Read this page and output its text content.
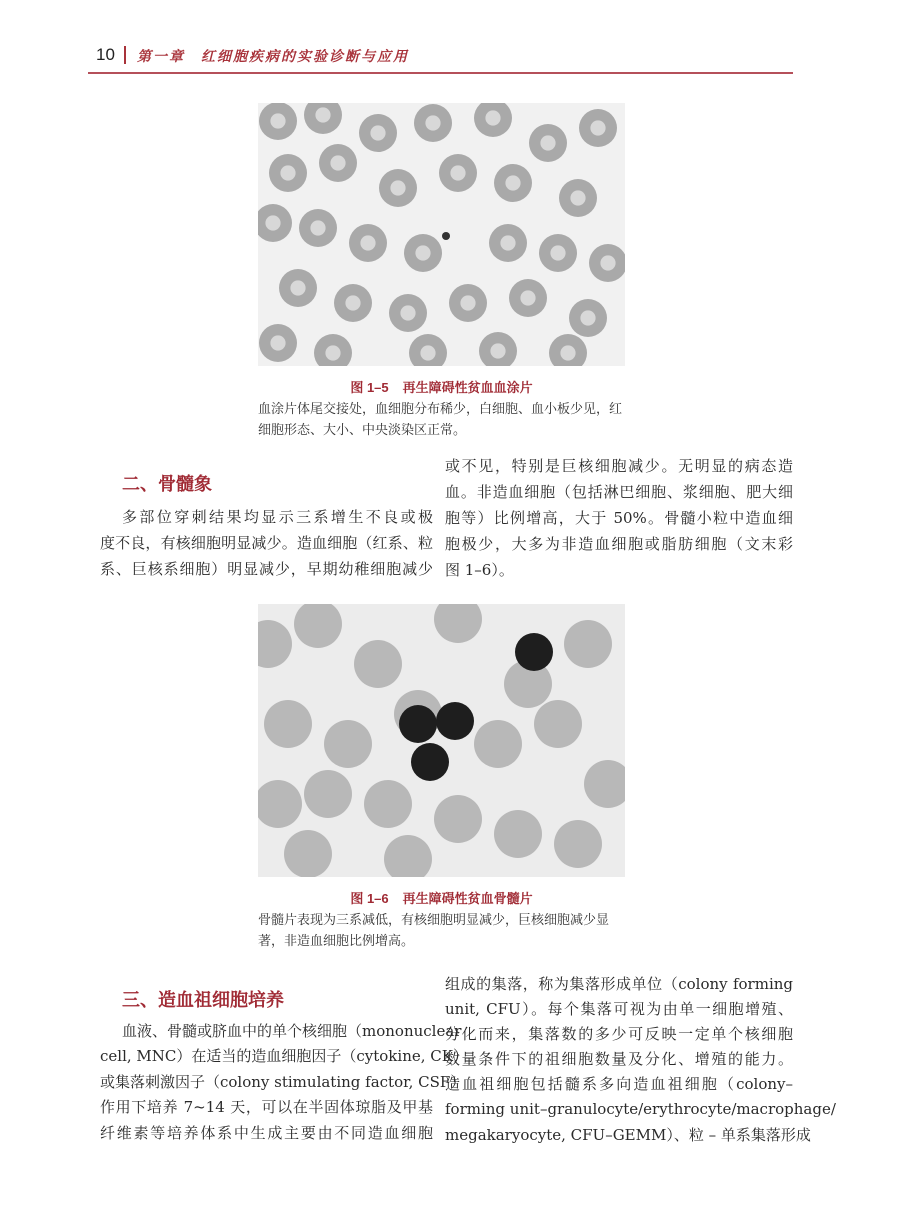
10 第一章 红细胞疾病的实验诊断与应用
图 1–5 再生障碍性贫血血涂片
血涂片体尾交接处，血细胞分布稀少，白细胞、血小板少见，红
细胞形态、大小、中央淡染区正常。
二、骨髓象
多部位穿刺结果均显示三系增生不良或极
度不良，有核细胞明显减少。造血细胞（红系、粒
系、巨核系细胞）明显减少，早期幼稚细胞减少
或不见，特别是巨核细胞减少。无明显的病态造
血。非造血细胞（包括淋巴细胞、浆细胞、肥大细
胞等）比例增高，大于 50%。骨髓小粒中造血细
胞极少，大多为非造血细胞或脂肪细胞（文末彩
图 1–6）。
图 1–6 再生障碍性贫血骨髓片
骨髓片表现为三系减低，有核细胞明显减少，巨核细胞减少显
著，非造血细胞比例增高。
三、造血祖细胞培养
血液、骨髓或脐血中的单个核细胞（mononuclear
cell, MNC）在适当的造血细胞因子（cytokine, CK）
或集落刺激因子（colony stimulating factor, CSF）
作用下培养 7~14 天，可以在半固体琼脂及甲基
纤维素等培养体系中生成主要由不同造血细胞
组成的集落，称为集落形成单位（colony forming
unit, CFU）。每个集落可视为由单一细胞增殖、
分化而来，集落数的多少可反映一定单个核细胞
数量条件下的祖细胞数量及分化、增殖的能力。
造血祖细胞包括髓系多向造血祖细胞（colony–
forming unit–granulocyte/erythrocyte/macrophage/
megakaryocyte, CFU–GEMM）、粒 – 单系集落形成
